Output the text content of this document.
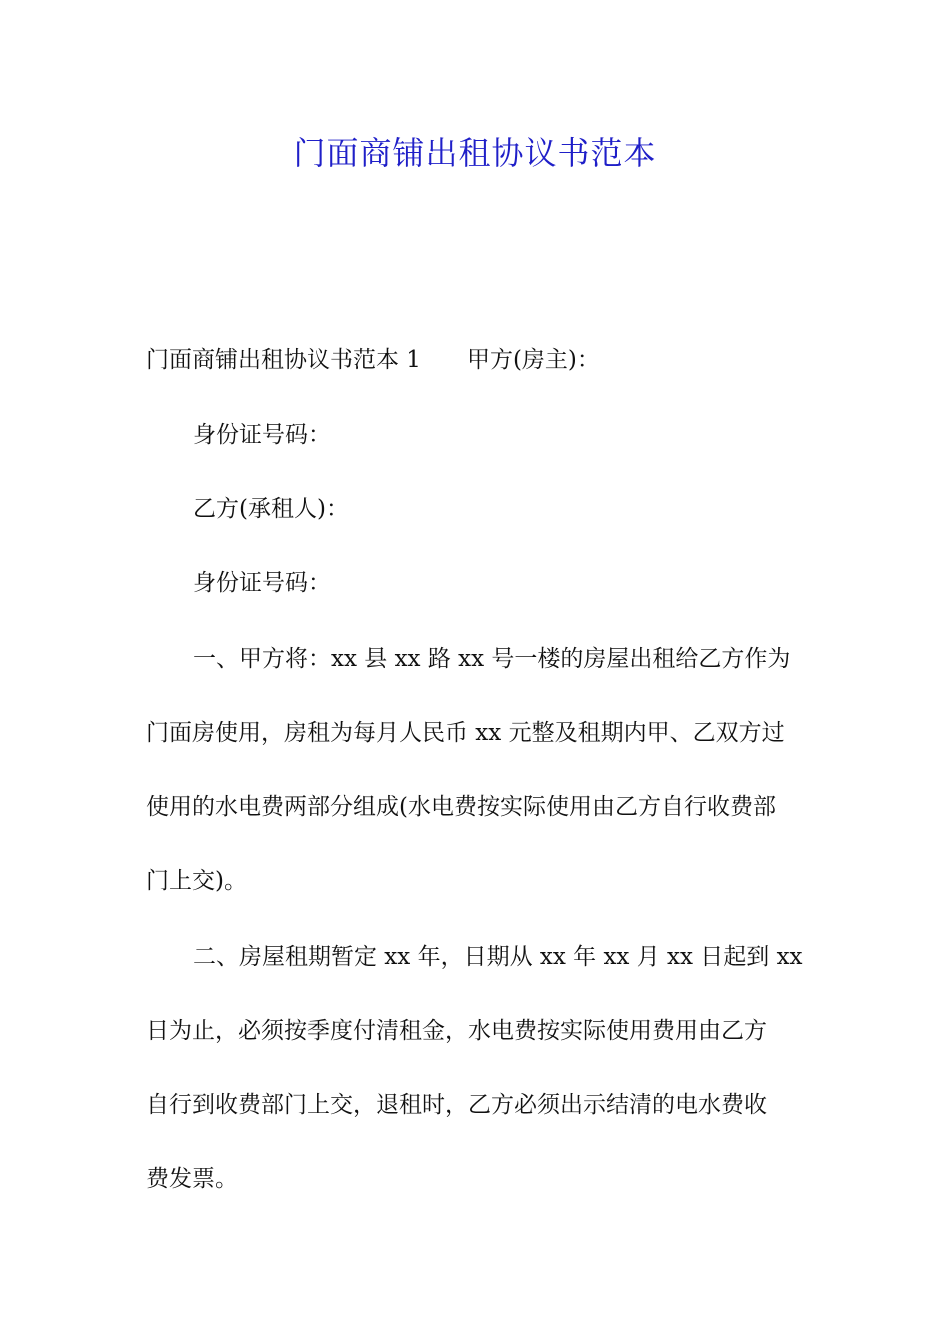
门面商铺出租协议书范本
门面商铺出租协议书范本 1 甲方(房主)：
身份证号码：
乙方(承租人)：
身份证号码：
一、甲方将：xx 县 xx 路 xx 号一楼的房屋出租给乙方作为
门面房使用，房租为每月人民币 xx 元整及租期内甲、乙双方过
使用的水电费两部分组成(水电费按实际使用由乙方自行收费部
门上交)。
二、房屋租期暂定 xx 年，日期从 xx 年 xx 月 xx 日起到 xx
日为止，必须按季度付清租金，水电费按实际使用费用由乙方
自行到收费部门上交，退租时，乙方必须出示结清的电水费收
费发票。
